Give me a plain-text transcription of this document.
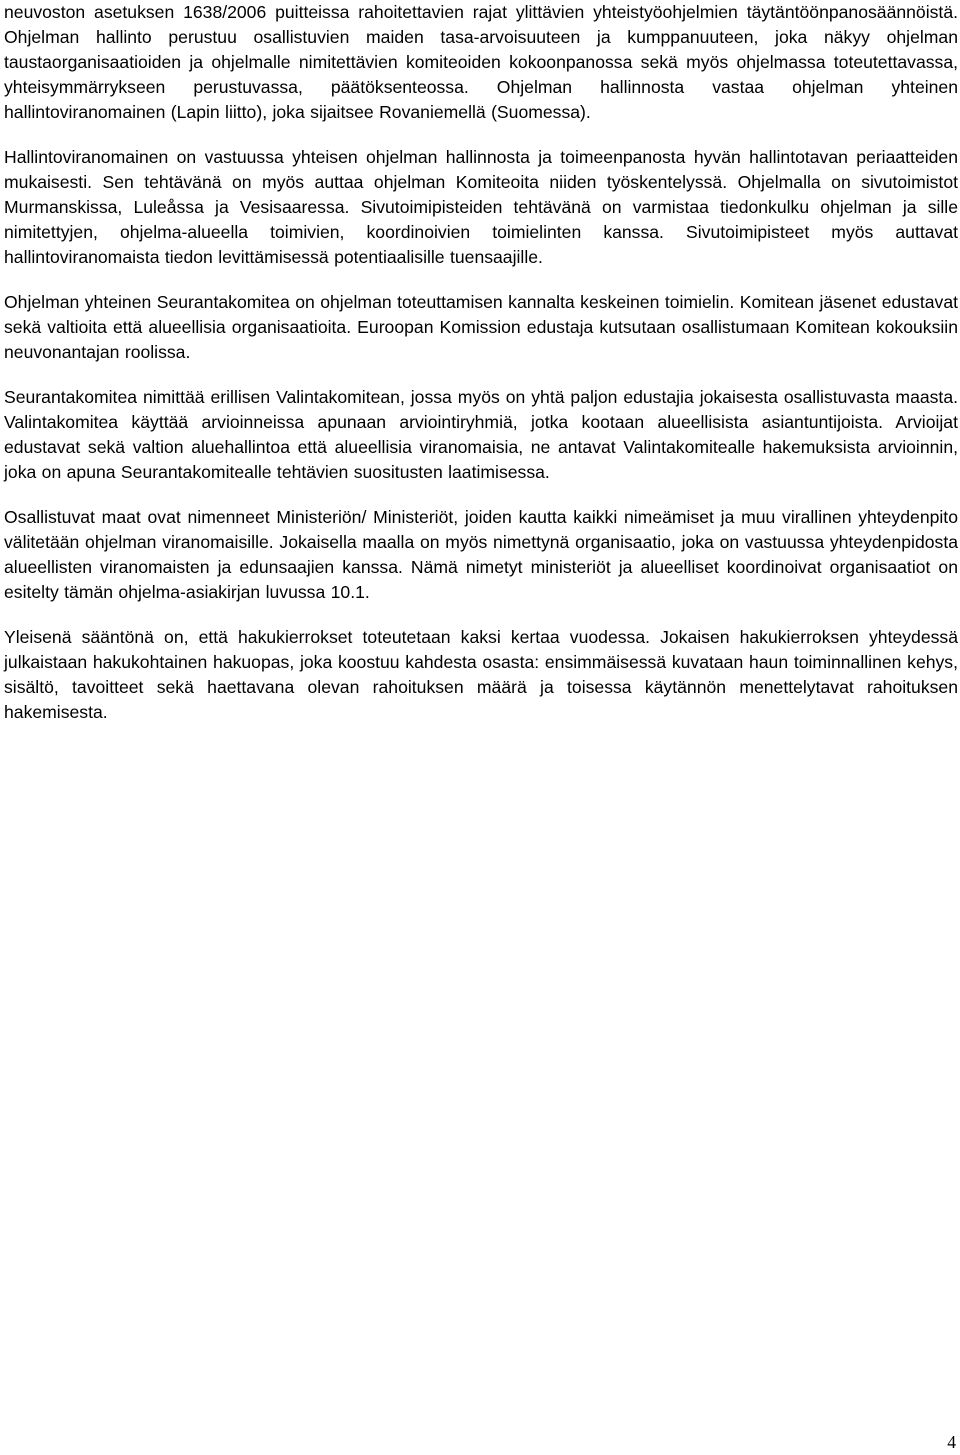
neuvoston asetuksen 1638/2006 puitteissa rahoitettavien rajat ylittävien yhteistyöohjelmien täytäntöönpanosäännöistä. Ohjelman hallinto perustuu osallistuvien maiden tasa-arvoisuuteen ja kumppanuuteen, joka näkyy ohjelman taustaorganisaatioiden ja ohjelmalle nimitettävien komiteoiden kokoonpanossa sekä myös ohjelmassa toteutettavassa, yhteisymmärrykseen perustuvassa, päätöksenteossa. Ohjelman hallinnosta vastaa ohjelman yhteinen hallintoviranomainen (Lapin liitto), joka sijaitsee Rovaniemellä (Suomessa).

Hallintoviranomainen on vastuussa yhteisen ohjelman hallinnosta ja toimeenpanosta hyvän hallintotavan periaatteiden mukaisesti. Sen tehtävänä on myös auttaa ohjelman Komiteoita niiden työskentelyssä. Ohjelmalla on sivutoimistot Murmanskissa, Luleåssa ja Vesisaaressa. Sivutoimipisteiden tehtävänä on varmistaa tiedonkulku ohjelman ja sille nimitettyjen, ohjelma-alueella toimivien, koordinoivien toimielinten kanssa. Sivutoimipisteet myös auttavat hallintoviranomaista tiedon levittämisessä potentiaalisille tuensaajille.

Ohjelman yhteinen Seurantakomitea on ohjelman toteuttamisen kannalta keskeinen toimielin. Komitean jäsenet edustavat sekä valtioita että alueellisia organisaatioita. Euroopan Komission edustaja kutsutaan osallistumaan Komitean kokouksiin neuvonantajan roolissa.

Seurantakomitea nimittää erillisen Valintakomitean, jossa myös on yhtä paljon edustajia jokaisesta osallistuvasta maasta. Valintakomitea käyttää arvioinneissa apunaan arviointiryhmiä, jotka kootaan alueellisista asiantuntijoista. Arvioijat edustavat sekä valtion aluehallintoa että alueellisia viranomaisia, ne antavat Valintakomitealle hakemuksista arvioinnin, joka on apuna Seurantakomitealle tehtävien suositusten laatimisessa.

Osallistuvat maat ovat nimenneet Ministeriön/ Ministeriöt, joiden kautta kaikki nimeämiset ja muu virallinen yhteydenpito välitetään ohjelman viranomaisille. Jokaisella maalla on myös nimettynä organisaatio, joka on vastuussa yhteydenpidosta alueellisten viranomaisten ja edunsaajien kanssa. Nämä nimetyt ministeriöt ja alueelliset koordinoivat organisaatiot on esitelty tämän ohjelma-asiakirjan luvussa 10.1.

Yleisenä sääntönä on, että hakukierrokset toteutetaan kaksi kertaa vuodessa. Jokaisen hakukierroksen yhteydessä julkaistaan hakukohtainen hakuopas, joka koostuu kahdesta osasta: ensimmäisessä kuvataan haun toiminnallinen kehys, sisältö, tavoitteet sekä haettavana olevan rahoituksen määrä ja toisessa käytännön menettelytavat rahoituksen hakemisesta.

4
